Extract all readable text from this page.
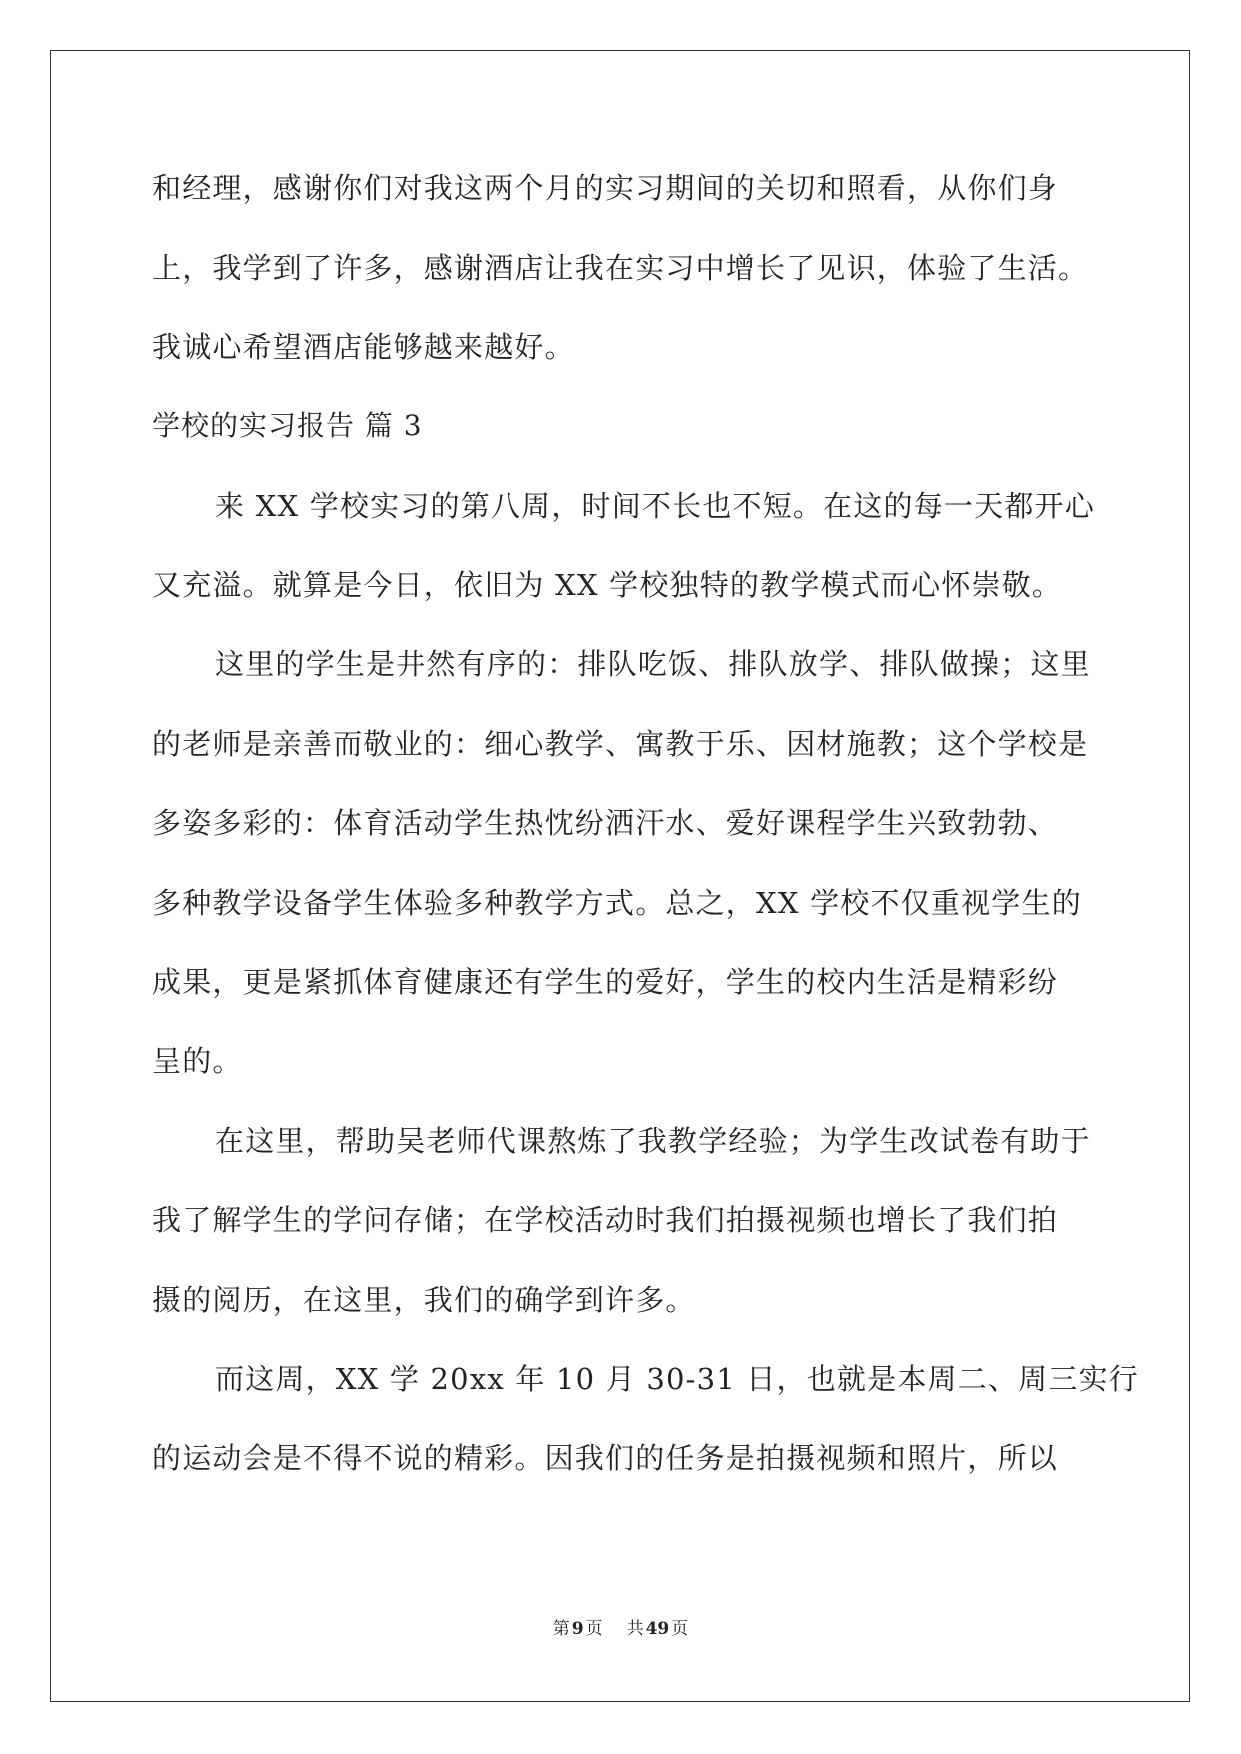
和经理，感谢你们对我这两个月的实习期间的关切和照看，从你们身
上，我学到了许多，感谢酒店让我在实习中增长了见识，体验了生活。
我诚心希望酒店能够越来越好。
学校的实习报告 篇 3
来 XX 学校实习的第八周，时间不长也不短。在这的每一天都开心
又充溢。就算是今日，依旧为 XX 学校独特的教学模式而心怀崇敬。
这里的学生是井然有序的：排队吃饭、排队放学、排队做操；这里
的老师是亲善而敬业的：细心教学、寓教于乐、因材施教；这个学校是
多姿多彩的：体育活动学生热忱纷洒汗水、爱好课程学生兴致勃勃、
多种教学设备学生体验多种教学方式。总之，XX 学校不仅重视学生的
成果，更是紧抓体育健康还有学生的爱好，学生的校内生活是精彩纷
呈的。
在这里，帮助吴老师代课熬炼了我教学经验；为学生改试卷有助于
我了解学生的学问存储；在学校活动时我们拍摄视频也增长了我们拍
摄的阅历，在这里，我们的确学到许多。
而这周，XX 学 20xx 年 10 月 30-31 日，也就是本周二、周三实行
的运动会是不得不说的精彩。因我们的任务是拍摄视频和照片，所以
第 9 页 共 49 页
